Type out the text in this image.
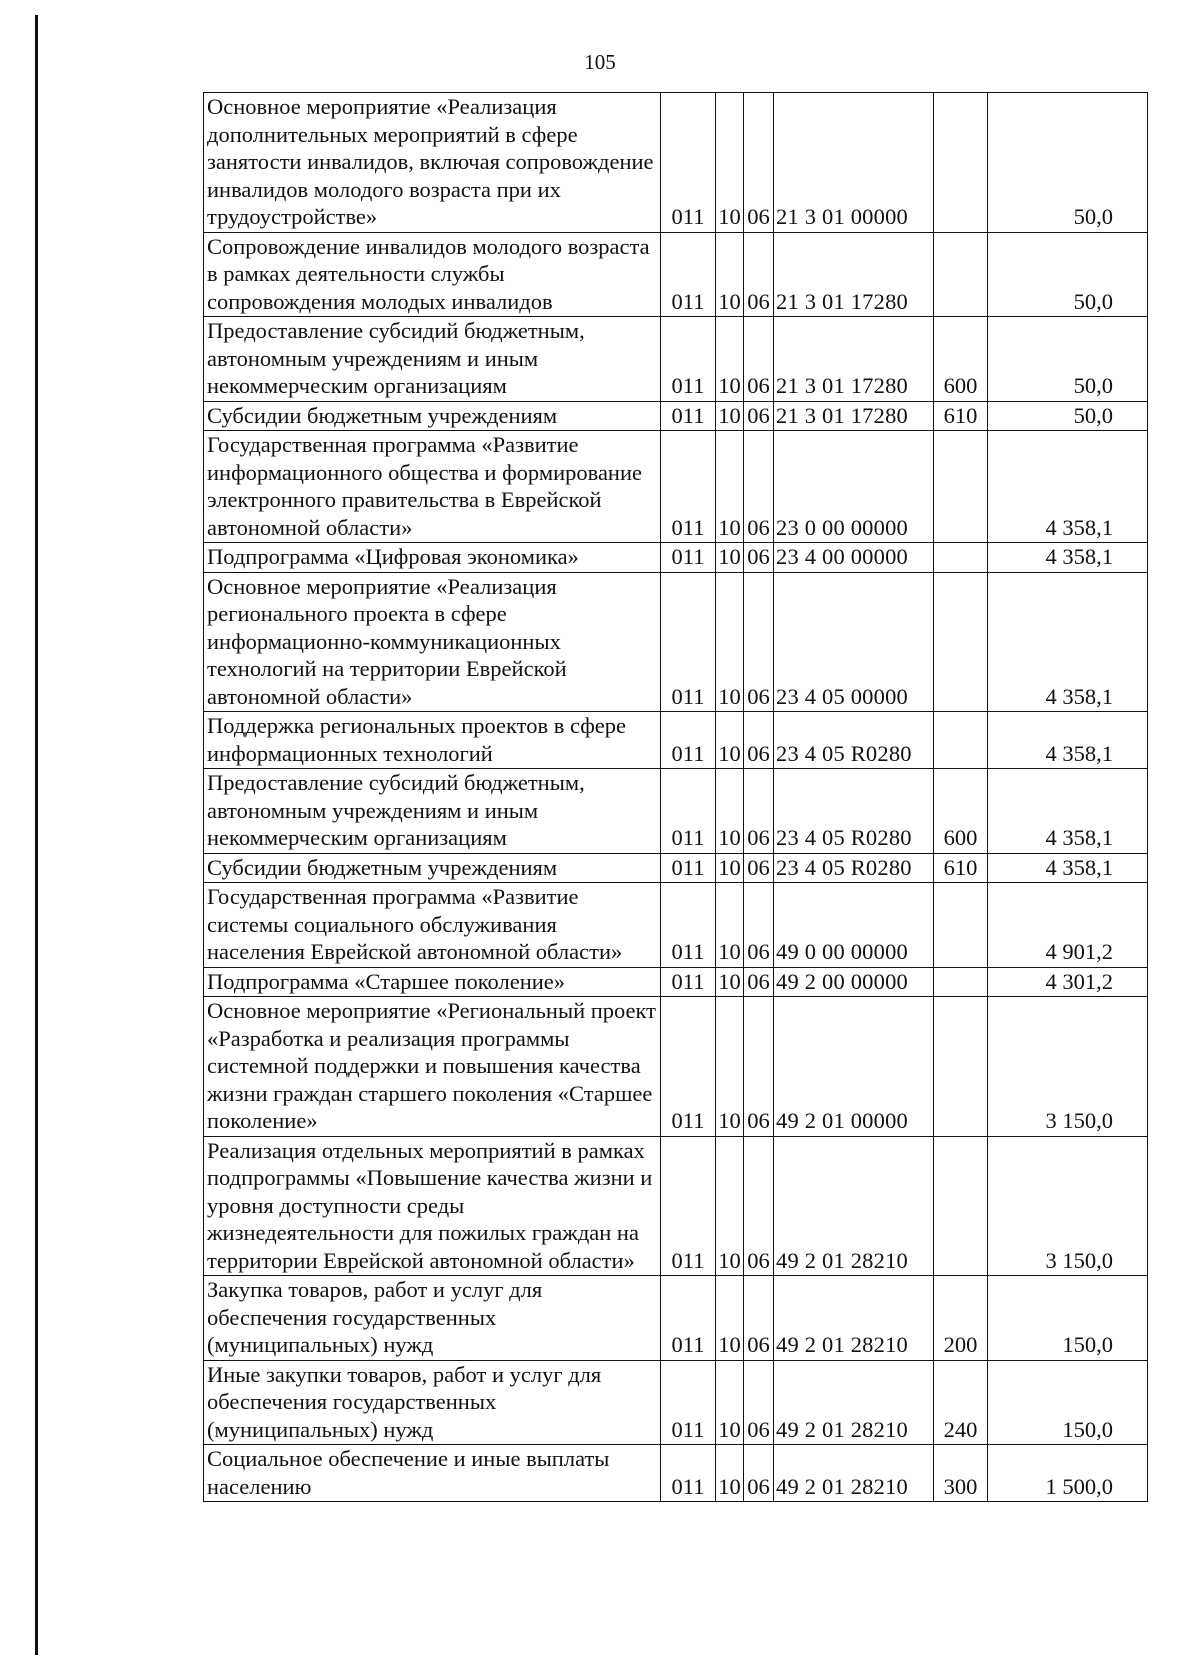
105
Основное мероприятие «Реализация дополнительных мероприятий в сфере занятости инвалидов, включая сопровождение инвалидов молодого возраста при их трудоустройстве»	011	10	06	21 3 01 00000		50,0
Сопровождение инвалидов молодого возраста в рамках деятельности службы сопровождения молодых инвалидов	011	10	06	21 3 01 17280		50,0
Предоставление субсидий бюджетным, автономным учреждениям и иным некоммерческим организациям	011	10	06	21 3 01 17280	600	50,0
Субсидии бюджетным учреждениям	011	10	06	21 3 01 17280	610	50,0
Государственная программа «Развитие информационного общества и формирование электронного правительства в Еврейской автономной области»	011	10	06	23 0 00 00000		4 358,1
Подпрограмма «Цифровая экономика»	011	10	06	23 4 00 00000		4 358,1
Основное мероприятие «Реализация регионального проекта в сфере информационно-коммуникационных технологий на территории Еврейской автономной области»	011	10	06	23 4 05 00000		4 358,1
Поддержка региональных проектов в сфере информационных технологий	011	10	06	23 4 05 R0280		4 358,1
Предоставление субсидий бюджетным, автономным учреждениям и иным некоммерческим организациям	011	10	06	23 4 05 R0280	600	4 358,1
Субсидии бюджетным учреждениям	011	10	06	23 4 05 R0280	610	4 358,1
Государственная программа «Развитие системы социального обслуживания населения Еврейской автономной области»	011	10	06	49 0 00 00000		4 901,2
Подпрограмма «Старшее поколение»	011	10	06	49 2 00 00000		4 301,2
Основное мероприятие «Региональный проект «Разработка и реализация программы системной поддержки и повышения качества жизни граждан старшего поколения «Старшее поколение»	011	10	06	49 2 01 00000		3 150,0
Реализация отдельных мероприятий в рамках подпрограммы «Повышение качества жизни и уровня доступности среды жизнедеятельности для пожилых граждан на территории Еврейской автономной области»	011	10	06	49 2 01 28210		3 150,0
Закупка товаров, работ и услуг для обеспечения государственных (муниципальных) нужд	011	10	06	49 2 01 28210	200	150,0
Иные закупки товаров, работ и услуг для обеспечения государственных (муниципальных) нужд	011	10	06	49 2 01 28210	240	150,0
Социальное обеспечение и иные выплаты населению	011	10	06	49 2 01 28210	300	1 500,0
